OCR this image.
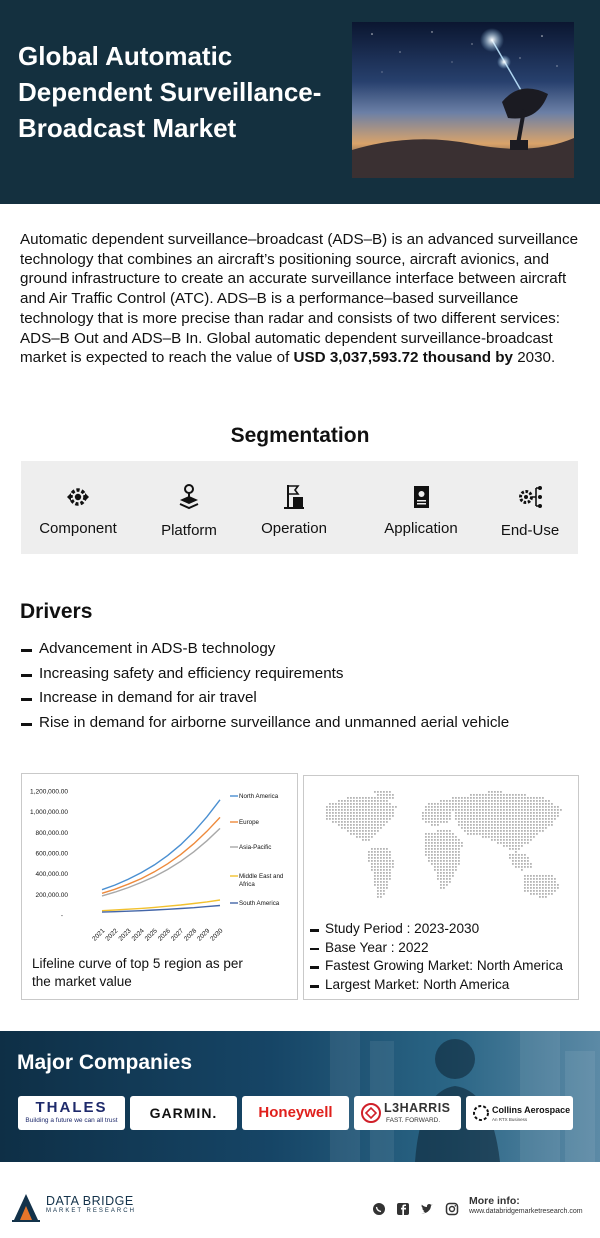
Global Automatic Dependent Surveillance-Broadcast Market

Automatic dependent surveillance–broadcast (ADS–B) is an advanced surveillance technology that combines an aircraft’s positioning source, aircraft avionics, and ground infrastructure to create an accurate surveillance interface between aircraft and Air Traffic Control (ATC). ADS–B is a performance–based surveillance technology that is more precise than radar and consists of two different services: ADS–B Out and ADS–B In. Global automatic dependent surveillance-broadcast market is expected to reach the value of USD 3,037,593.72 thousand by 2030.

Segmentation
Component	Platform	Operation	Application	End-Use
Drivers
Advancement in ADS-B technology
Increasing safety and efficiency requirements
Increase in demand for air travel
Rise in demand for airborne surveillance and unmanned aerial vehicle
-
200,000.00
400,000.00
600,000.00
800,000.00
1,000,000.00
1,200,000.00
2021
2022
2023
2024
2025
2026
2027
2028
2029
2030
North America
Europe
Asia-Pacific
Middle East and Africa
South America
Lifeline curve of top 5 region as per the market value
Study Period : 2023-2030
Base Year : 2022
Fastest Growing Market: North America
Largest Market: North America
Major Companies
THALES
Building a future we can all trust	GARMIN.	Honeywell	L3HARRIS
FAST. FORWARD.
Collins Aerospace
An RTX Business
DATA BRIDGE
MARKET RESEARCH
More info:
www.databridgemarketresearch.com
